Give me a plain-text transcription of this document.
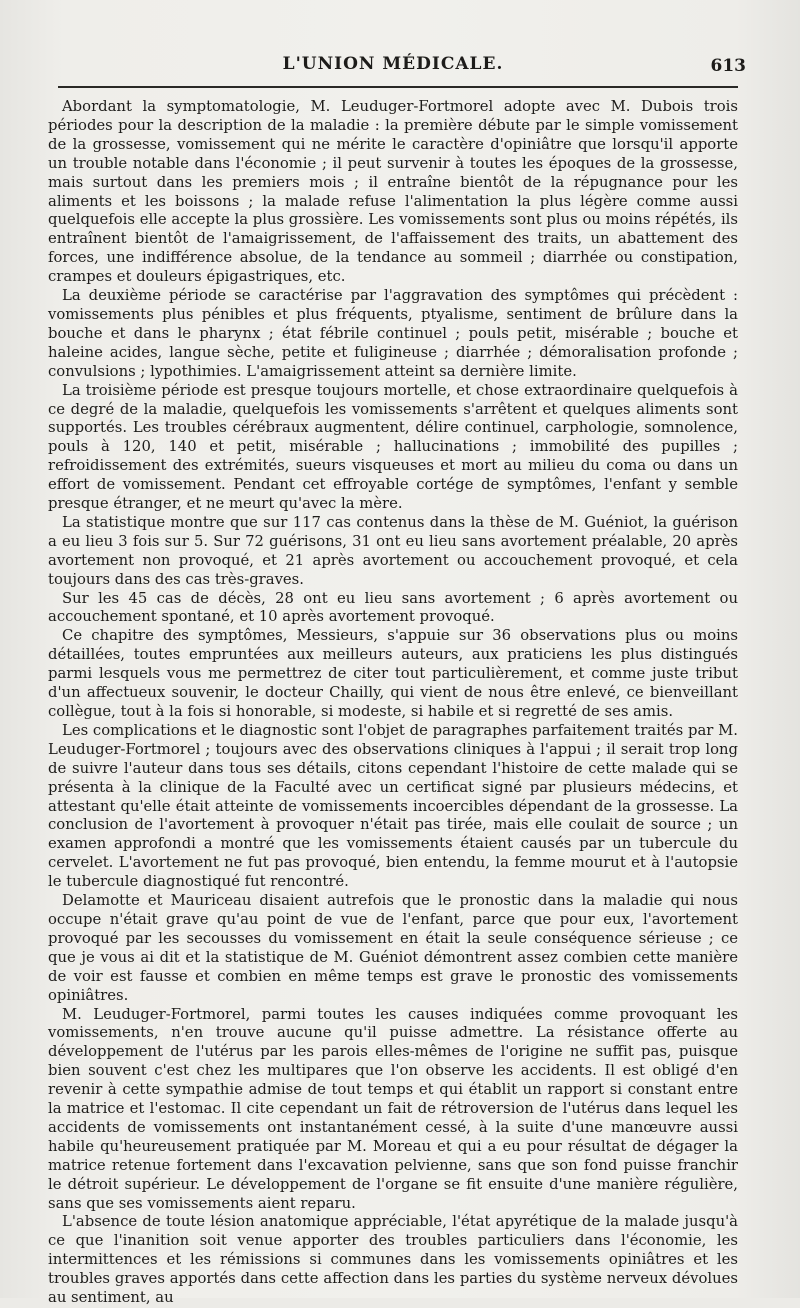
L'UNION MÉDICALE.	613

Abordant la symptomatologie, M. Leuduger-Fortmorel adopte avec M. Dubois trois périodes pour la description de la maladie : la première débute par le simple vomissement de la grossesse, vomissement qui ne mérite le caractère d'opiniâtre que lorsqu'il apporte un trouble notable dans l'économie ; il peut survenir à toutes les époques de la grossesse, mais surtout dans les premiers mois ; il entraîne bientôt de la répugnance pour les aliments et les boissons ; la malade refuse l'alimentation la plus légère comme aussi quelquefois elle accepte la plus grossière. Les vomissements sont plus ou moins répétés, ils entraînent bientôt de l'amaigrissement, de l'affaissement des traits, un abattement des forces, une indifférence absolue, de la tendance au sommeil ; diarrhée ou constipation, crampes et douleurs épigastriques, etc.

La deuxième période se caractérise par l'aggravation des symptômes qui précèdent : vomissements plus pénibles et plus fréquents, ptyalisme, sentiment de brûlure dans la bouche et dans le pharynx ; état fébrile continuel ; pouls petit, misérable ; bouche et haleine acides, langue sèche, petite et fuligineuse ; diarrhée ; démoralisation profonde ; convulsions ; lypothimies. L'amaigrissement atteint sa dernière limite.

La troisième période est presque toujours mortelle, et chose extraordinaire quelquefois à ce degré de la maladie, quelquefois les vomissements s'arrêtent et quelques aliments sont supportés. Les troubles cérébraux augmentent, délire continuel, carphologie, somnolence, pouls à 120, 140 et petit, misérable ; hallucinations ; immobilité des pupilles ; refroidissement des extrémités, sueurs visqueuses et mort au milieu du coma ou dans un effort de vomissement. Pendant cet effroyable cortége de symptômes, l'enfant y semble presque étranger, et ne meurt qu'avec la mère.

La statistique montre que sur 117 cas contenus dans la thèse de M. Guéniot, la guérison a eu lieu 3 fois sur 5. Sur 72 guérisons, 31 ont eu lieu sans avortement préalable, 20 après avortement non provoqué, et 21 après avortement ou accouchement provoqué, et cela toujours dans des cas très-graves.

Sur les 45 cas de décès, 28 ont eu lieu sans avortement ; 6 après avortement ou accouchement spontané, et 10 après avortement provoqué.

Ce chapitre des symptômes, Messieurs, s'appuie sur 36 observations plus ou moins détaillées, toutes empruntées aux meilleurs auteurs, aux praticiens les plus distingués parmi lesquels vous me permettrez de citer tout particulièrement, et comme juste tribut d'un affectueux souvenir, le docteur Chailly, qui vient de nous être enlevé, ce bienveillant collègue, tout à la fois si honorable, si modeste, si habile et si regretté de ses amis.

Les complications et le diagnostic sont l'objet de paragraphes parfaitement traités par M. Leuduger-Fortmorel ; toujours avec des observations cliniques à l'appui ; il serait trop long de suivre l'auteur dans tous ses détails, citons cependant l'histoire de cette malade qui se présenta à la clinique de la Faculté avec un certificat signé par plusieurs médecins, et attestant qu'elle était atteinte de vomissements incoercibles dépendant de la grossesse. La conclusion de l'avortement à provoquer n'était pas tirée, mais elle coulait de source ; un examen approfondi a montré que les vomissements étaient causés par un tubercule du cervelet. L'avortement ne fut pas provoqué, bien entendu, la femme mourut et à l'autopsie le tubercule diagnostiqué fut rencontré.

Delamotte et Mauriceau disaient autrefois que le pronostic dans la maladie qui nous occupe n'était grave qu'au point de vue de l'enfant, parce que pour eux, l'avortement provoqué par les secousses du vomissement en était la seule conséquence sérieuse ; ce que je vous ai dit et la statistique de M. Guéniot démontrent assez combien cette manière de voir est fausse et combien en même temps est grave le pronostic des vomissements opiniâtres.

M. Leuduger-Fortmorel, parmi toutes les causes indiquées comme provoquant les vomissements, n'en trouve aucune qu'il puisse admettre. La résistance offerte au développement de l'utérus par les parois elles-mêmes de l'origine ne suffit pas, puisque bien souvent c'est chez les multipares que l'on observe les accidents. Il est obligé d'en revenir à cette sympathie admise de tout temps et qui établit un rapport si constant entre la matrice et l'estomac. Il cite cependant un fait de rétroversion de l'utérus dans lequel les accidents de vomissements ont instantanément cessé, à la suite d'une manœuvre aussi habile qu'heureusement pratiquée par M. Moreau et qui a eu pour résultat de dégager la matrice retenue fortement dans l'excavation pelvienne, sans que son fond puisse franchir le détroit supérieur. Le développement de l'organe se fit ensuite d'une manière régulière, sans que ses vomissements aient reparu.

L'absence de toute lésion anatomique appréciable, l'état apyrétique de la malade jusqu'à ce que l'inanition soit venue apporter des troubles particuliers dans l'économie, les intermittences et les rémissions si communes dans les vomissements opiniâtres et les troubles graves apportés dans cette affection dans les parties du système nerveux dévolues au sentiment, au
